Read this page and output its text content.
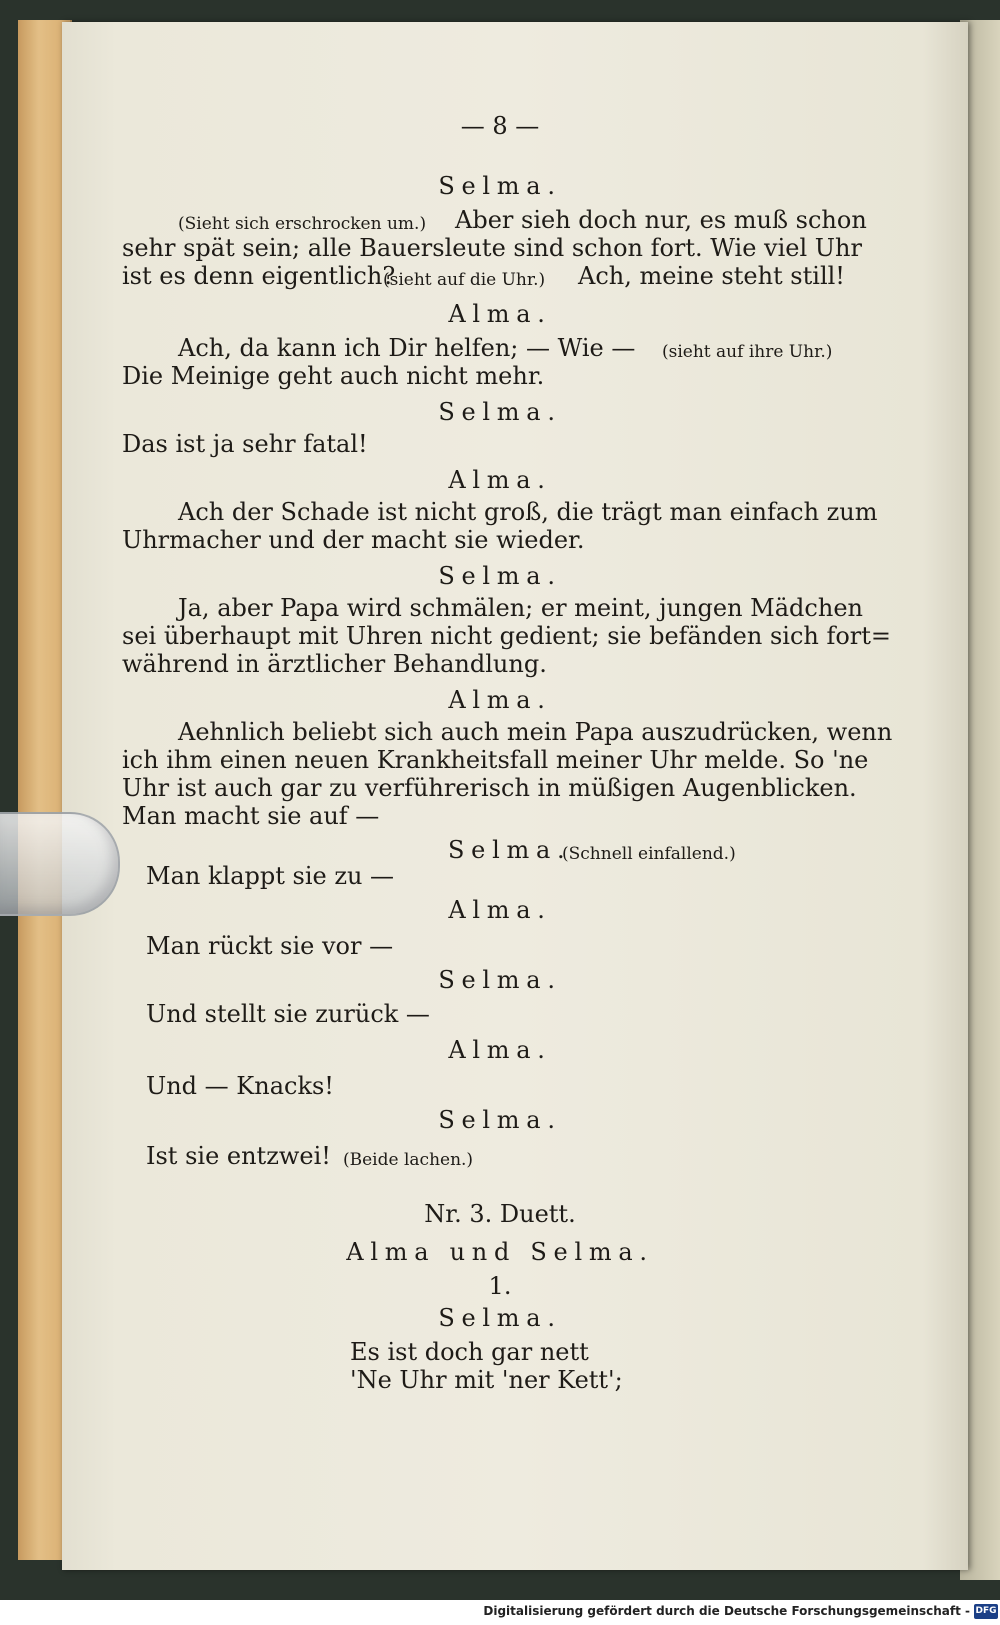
— 8 —

Selma.

(Sieht sich erschrocken um.) Aber sieh doch nur, es muß schon

sehr spät sein; alle Bauersleute sind schon fort. Wie viel Uhr

ist es denn eigentlich?

(sieht auf die Uhr.) Ach, meine steht still!

Alma.

Ach, da kann ich Dir helfen; — Wie — (sieht auf ihre Uhr.)

Die Meinige geht auch nicht mehr.

Selma.

Das ist ja sehr fatal!

Alma.

Ach der Schade ist nicht groß, die trägt man einfach zum

Uhrmacher und der macht sie wieder.

Selma.

Ja, aber Papa wird schmälen; er meint, jungen Mädchen

sei überhaupt mit Uhren nicht gedient; sie befänden sich fort=

während in ärztlicher Behandlung.

Alma.

Aehnlich beliebt sich auch mein Papa auszudrücken, wenn

ich ihm einen neuen Krankheitsfall meiner Uhr melde. So 'ne

Uhr ist auch gar zu verführerisch in müßigen Augenblicken.

Man macht sie auf —

Selma.

(Schnell einfallend.)

Man klappt sie zu —

Alma.

Man rückt sie vor —

Selma.

Und stellt sie zurück —

Alma.

Und — Knacks!

Selma.

Ist sie entzwei! (Beide lachen.)

Nr. 3. Duett.

Alma und Selma.

1.

Selma.

Es ist doch gar nett

'Ne Uhr mit 'ner Kett';

Digitalisierung gefördert durch die Deutsche Forschungsgemeinschaft - DFG
